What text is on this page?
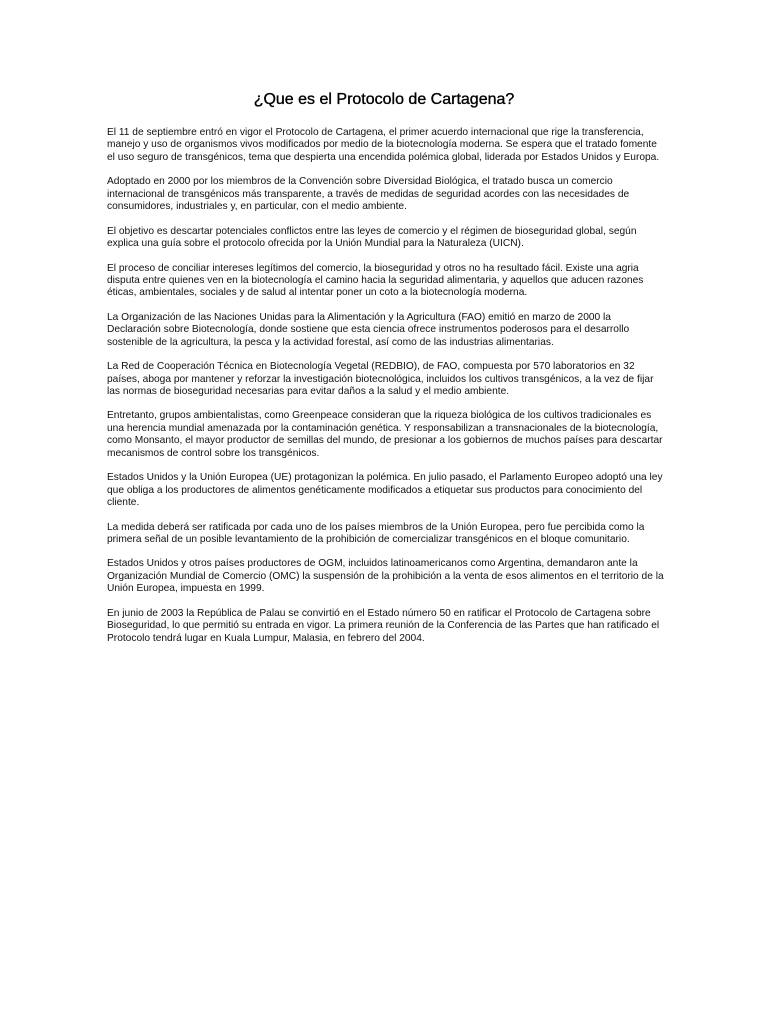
¿Que es el Protocolo de Cartagena?

El 11 de septiembre entró en vigor el Protocolo de Cartagena, el primer acuerdo internacional que rige la transferencia, manejo y uso de organismos vivos modificados por medio de la biotecnología moderna. Se espera que el tratado fomente el uso seguro de transgénicos, tema que despierta una encendida polémica global, liderada por Estados Unidos y Europa.

Adoptado en 2000 por los miembros de la Convención sobre Diversidad Biológica, el tratado busca un comercio internacional de transgénicos más transparente, a través de medidas de seguridad acordes con las necesidades de consumidores, industriales y, en particular, con el medio ambiente.

El objetivo es descartar potenciales conflictos entre las leyes de comercio y el régimen de bioseguridad global, según explica una guía sobre el protocolo ofrecida por la Unión Mundial para la Naturaleza (UICN).

El proceso de conciliar intereses legítimos del comercio, la bioseguridad y otros no ha resultado fácil. Existe una agria disputa entre quienes ven en la biotecnología el camino hacia la seguridad alimentaria, y aquellos que aducen razones éticas, ambientales, sociales y de salud al intentar poner un coto a la biotecnología moderna.

La Organización de las Naciones Unidas para la Alimentación y la Agricultura (FAO) emitió en marzo de 2000 la Declaración sobre Biotecnología, donde sostiene que esta ciencia ofrece instrumentos poderosos para el desarrollo sostenible de la agricultura, la pesca y la actividad forestal, así como de las industrias alimentarias.

La Red de Cooperación Técnica en Biotecnología Vegetal (REDBIO), de FAO, compuesta por 570 laboratorios en 32 países, aboga por mantener y reforzar la investigación biotecnológica, incluidos los cultivos transgénicos, a la vez de fijar las normas de bioseguridad necesarias para evitar daños a la salud y el medio ambiente.

Entretanto, grupos ambientalistas, como Greenpeace consideran que la riqueza biológica de los cultivos tradicionales es una herencia mundial amenazada por la contaminación genética. Y responsabilizan a transnacionales de la biotecnología, como Monsanto, el mayor productor de semillas del mundo, de presionar a los gobiernos de muchos países para descartar mecanismos de control sobre los transgénicos.

Estados Unidos y la Unión Europea (UE) protagonizan la polémica. En julio pasado, el Parlamento Europeo adoptó una ley que obliga a los productores de alimentos genéticamente modificados a etiquetar sus productos para conocimiento del cliente.

La medida deberá ser ratificada por cada uno de los países miembros de la Unión Europea, pero fue percibida como la primera señal de un posible levantamiento de la prohibición de comercializar transgénicos en el bloque comunitario.

Estados Unidos y otros países productores de OGM, incluidos latinoamericanos como Argentina, demandaron ante la Organización Mundial de Comercio (OMC) la suspensión de la prohibición a la venta de esos alimentos en el territorio de la Unión Europea, impuesta en 1999.

En junio de 2003 la República de Palau se convirtió en el Estado número 50 en ratificar el Protocolo de Cartagena sobre Bioseguridad, lo que permitió su entrada en vigor. La primera reunión de la Conferencia de las Partes que han ratificado el Protocolo tendrá lugar en Kuala Lumpur, Malasia, en febrero del 2004.
